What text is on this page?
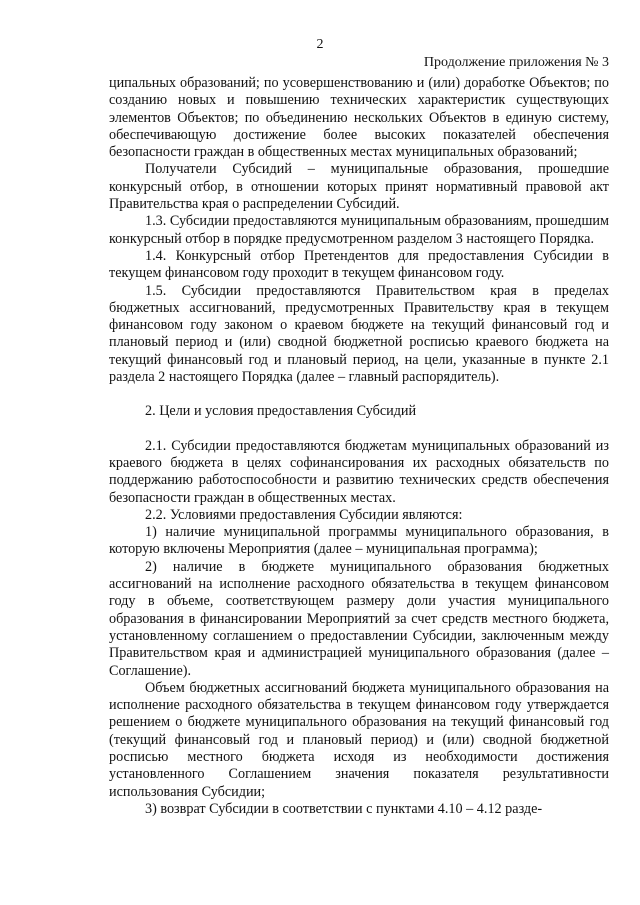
2
Продолжение приложения № 3

ципальных образований; по усовершенствованию и (или) доработке Объектов; по созданию новых и повышению технических характеристик существующих элементов Объектов; по объединению нескольких Объектов в единую систему, обеспечивающую достижение более высоких показателей обеспечения безопасности граждан в общественных местах муниципальных образований;

Получатели Субсидий – муниципальные образования, прошедшие конкурсный отбор, в отношении которых принят нормативный правовой акт Правительства края о распределении Субсидий.

1.3. Субсидии предоставляются муниципальным образованиям, прошедшим конкурсный отбор в порядке предусмотренном разделом 3 настоящего Порядка.

1.4. Конкурсный отбор Претендентов для предоставления Субсидии в текущем финансовом году проходит в текущем финансовом году.

1.5. Субсидии предоставляются Правительством края в пределах бюджетных ассигнований, предусмотренных Правительству края в текущем финансовом году законом о краевом бюджете на текущий финансовый год и плановый период и (или) сводной бюджетной росписью краевого бюджета на текущий финансовый год и плановый период, на цели, указанные в пункте 2.1 раздела 2 настоящего Порядка (далее – главный распорядитель).

2. Цели и условия предоставления Субсидий

2.1. Субсидии предоставляются бюджетам муниципальных образований из краевого бюджета в целях софинансирования их расходных обязательств по поддержанию работоспособности и развитию технических средств обеспечения безопасности граждан в общественных местах.

2.2. Условиями предоставления Субсидии являются:

1) наличие муниципальной программы муниципального образования, в которую включены Мероприятия (далее – муниципальная программа);

2) наличие в бюджете муниципального образования бюджетных ассигнований на исполнение расходного обязательства в текущем финансовом году в объеме, соответствующем размеру доли участия муниципального образования в финансировании Мероприятий за счет средств местного бюджета, установленному соглашением о предоставлении Субсидии, заключенным между Правительством края и администрацией муниципального образования (далее – Соглашение).

Объем бюджетных ассигнований бюджета муниципального образования на исполнение расходного обязательства в текущем финансовом году утверждается решением о бюджете муниципального образования на текущий финансовый год (текущий финансовый год и плановый период) и (или) сводной бюджетной росписью местного бюджета исходя из необходимости достижения установленного Соглашением значения показателя результативности использования Субсидии;

3) возврат Субсидии в соответствии с пунктами 4.10 – 4.12 разде-
